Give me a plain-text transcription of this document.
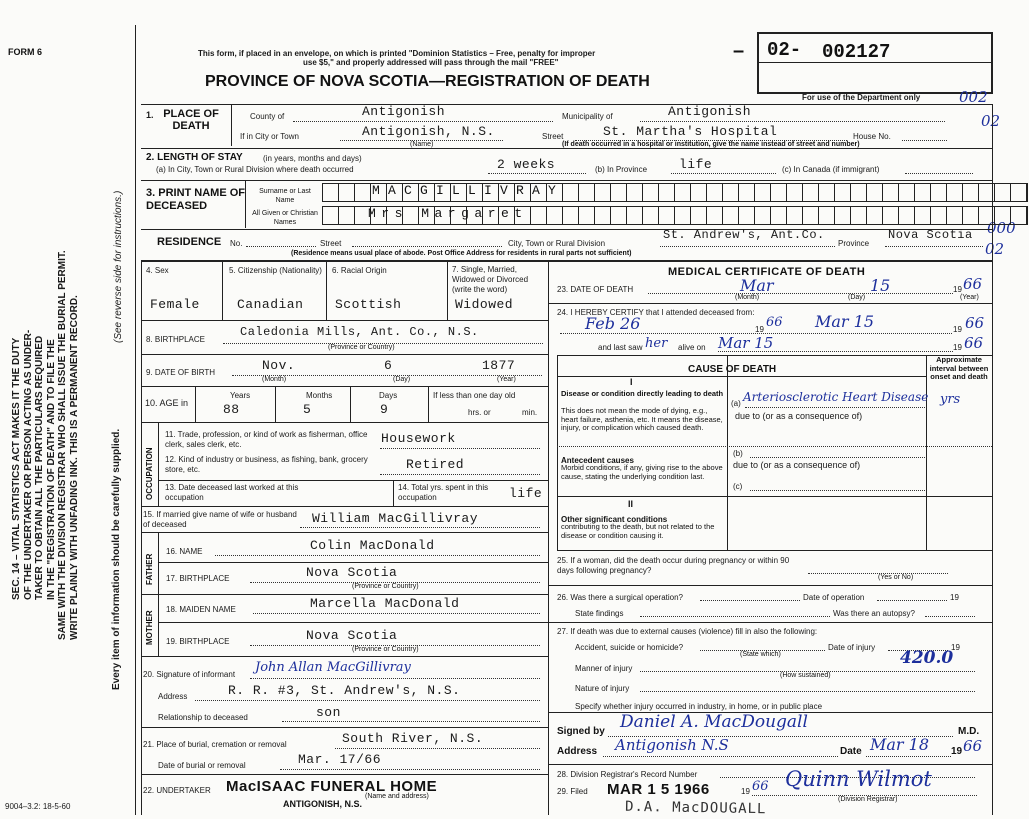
FORM 6	This form, if placed in an envelope, on which is printed "Dominion Statistics – Free, penalty for improper
use $5," and properly addressed will pass through the mail "FREE"
PROVINCE OF NOVA SCOTIA—REGISTRATION OF DEATH
– 02- 002127
For use of the Department only	002
02
000
02
SEC. 14 – VITAL STATISTICS ACT MAKES IT THE DUTY OF THE UNDERTAKER OR PERSON ACTING AS UNDER- TAKER TO OBTAIN ALL THE PARTICULARS REQUIRED IN THE "REGISTRATION OF DEATH" AND TO FILE THE SAME WITH THE DIVISION REGISTRAR WHO SHALL ISSUE THE BURIAL PERMIT. WRITE PLAINLY WITH UNFADING INK. THIS IS A PERMANENT RECORD.	Every item of information should be carefully supplied.
(See reverse side for instructions.)
1. PLACE OF DEATH
County of	Antigonish	Municipality of	Antigonish
If in City or Town	Antigonish, N.S.
(Name)
Street	St. Martha's Hospital	House No.
(If death occurred in a hospital or institution, give the name instead of street and number)
2. LENGTH OF STAY	(in years, months and days)
(a) In City, Town or Rural Division where death occurred	2 weeks	(b) In Province life	(c) In Canada (if immigrant)
3. PRINT NAME OF DECEASED
Surname or Last Name
All Given or Christian Names
MACGILLIVRAY
Mrs Margaret
RESIDENCE No.	Street	City, Town or Rural Division
St. Andrew's, Ant.Co.
Province
Nova Scotia
(Residence means usual place of abode. Post Office Address for residents in rural parts not sufficient)
4. Sex
Female
5. Citizenship (Nationality)
Canadian
6. Racial Origin
Scottish
7. Single, Married, Widowed or Divorced (write the word)
Widowed
8. BIRTHPLACE
Caledonia Mills, Ant. Co., N.S.
(Province or Country)
9. DATE OF BIRTH	Nov.	6	1877
(Month)	(Day)	(Year)
10. AGE in
Years
88
Months
5
Days
9
If less than one day old
hrs. or	min.
OCCUPATION
11. Trade, profession, or kind of work as fisherman, office clerk, sales clerk, etc.	Housework
12. Kind of industry or business, as fishing, bank, grocery store, etc.	Retired
13. Date deceased last worked at this occupation
14. Total yrs. spent in this occupation	life
15. If married give name of wife or husband of deceased	William MacGillivray
FATHER
16. NAME	Colin MacDonald
17. BIRTHPLACE	Nova Scotia
(Province or Country)
MOTHER
18. MAIDEN NAME	Marcella MacDonald
19. BIRTHPLACE	Nova Scotia
(Province or Country)
20. Signature of informant John Allan MacGillivray
Address	R. R. #3, St. Andrew's, N.S.
Relationship to deceased	son
21. Place of burial, cremation or removal	South River, N.S.
Date of burial or removal	Mar. 17/66
22. UNDERTAKER MacISAAC FUNERAL HOME
ANTIGONISH, N.S.
(Name and address)
9004–3.2: 18-5-60
MEDICAL CERTIFICATE OF DEATH
23. DATE OF DEATH	Mar	15	19 66
(Month)	(Day)	(Year)
24. I HEREBY CERTIFY that I attended deceased from:
Feb 26	19 66 Mar 15	19 66
and last saw her alive on Mar 15	19 66
CAUSE OF DEATH
Approximate interval between onset and death
I
Disease or condition directly leading to death
This does not mean the mode of dying, e.g., heart failure, asthenia, etc. It means the disease, injury, or complication which caused death.
(a) Arteriosclerotic Heart Disease yrs
due to (or as a consequence of)
(b)
due to (or as a consequence of)
Antecedent causes
Morbid conditions, if any, giving rise to the above cause, stating the underlying condition last.
(c)
II
Other significant conditions
contributing to the death, but not related to the disease or condition causing it.
25. If a woman, did the death occur during pregnancy or within 90 days following pregnancy?
(Yes or No)
26. Was there a surgical operation?	Date of operation	19
State findings	Was there an autopsy?
27. If death was due to external causes (violence) fill in also the following:
Accident, suicide or homicide?
(State which)
Date of injury	19
420.0
Manner of injury
(How sustained)
Nature of injury
Specify whether injury occurred in industry, in home, or in public place
Signed by Daniel A. MacDougall	M.D.
Address Antigonish N.S	Date Mar 18 19 66
28. Division Registrar's Record Number
29. Filed MAR 1 5 1966	19 66 Quinn Wilmot
(Division Registrar)
D.A. MacDOUGALL
